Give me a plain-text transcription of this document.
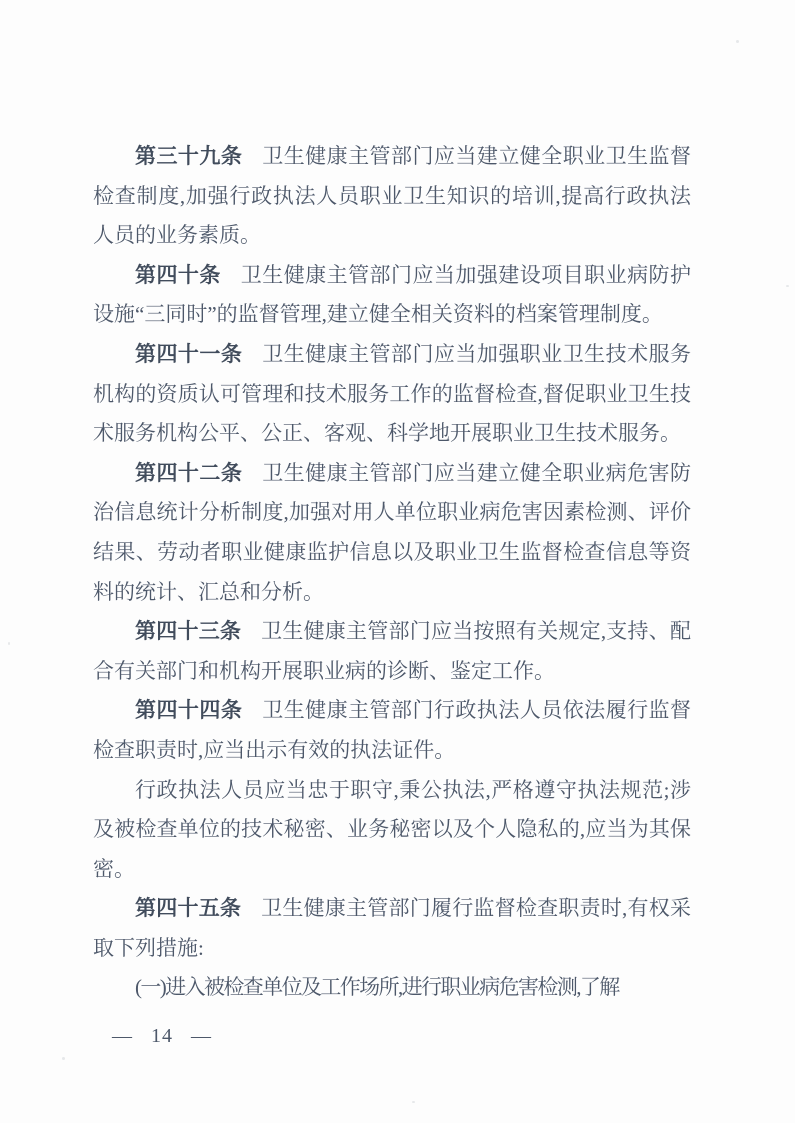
第三十九条 卫生健康主管部门应当建立健全职业卫生监督检查制度,加强行政执法人员职业卫生知识的培训,提高行政执法人员的业务素质。

第四十条 卫生健康主管部门应当加强建设项目职业病防护设施“三同时”的监督管理,建立健全相关资料的档案管理制度。

第四十一条 卫生健康主管部门应当加强职业卫生技术服务机构的资质认可管理和技术服务工作的监督检查,督促职业卫生技术服务机构公平、公正、客观、科学地开展职业卫生技术服务。

第四十二条 卫生健康主管部门应当建立健全职业病危害防治信息统计分析制度,加强对用人单位职业病危害因素检测、评价结果、劳动者职业健康监护信息以及职业卫生监督检查信息等资料的统计、汇总和分析。

第四十三条 卫生健康主管部门应当按照有关规定,支持、配合有关部门和机构开展职业病的诊断、鉴定工作。

第四十四条 卫生健康主管部门行政执法人员依法履行监督检查职责时,应当出示有效的执法证件。

行政执法人员应当忠于职守,秉公执法,严格遵守执法规范;涉及被检查单位的技术秘密、业务秘密以及个人隐私的,应当为其保密。

第四十五条 卫生健康主管部门履行监督检查职责时,有权采取下列措施:

(一)进入被检查单位及工作场所,进行职业病危害检测,了解

— 14 —
